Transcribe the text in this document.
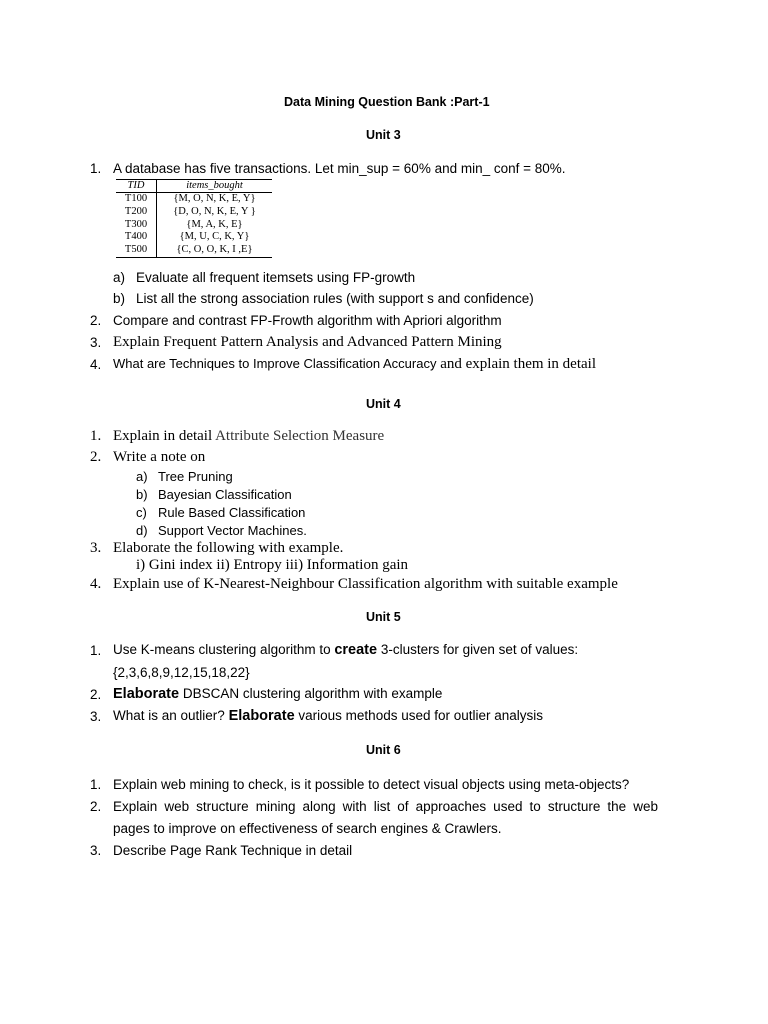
Data Mining Question Bank :Part-1
Unit 3
1. A database has five transactions. Let min_sup = 60% and min_ conf = 80%.
TID	items_bought
T100	{M, O, N, K, E, Y}
T200	{D, O, N, K, E, Y }
T300	{M, A, K, E}
T400	{M, U, C, K, Y}
T500	{C, O, O, K, I ,E}
a) Evaluate all frequent itemsets using FP-growth
b) List all the strong association rules (with support s and confidence)
2. Compare and contrast FP-Frowth algorithm with Apriori algorithm
3. Explain Frequent Pattern Analysis and Advanced Pattern Mining
4. What are Techniques to Improve Classification Accuracy and explain them in detail
Unit 4
1. Explain in detail Attribute Selection Measure
2. Write a note on
a) Tree Pruning
b) Bayesian Classification
c) Rule Based Classification
d) Support Vector Machines.
3. Elaborate the following with example.
i) Gini index ii) Entropy iii) Information gain
4. Explain use of K-Nearest-Neighbour Classification algorithm with suitable example
Unit 5
1. Use K-means clustering algorithm to create 3-clusters for given set of values:
{2,3,6,8,9,12,15,18,22}
2. Elaborate DBSCAN clustering algorithm with example
3. What is an outlier? Elaborate various methods used for outlier analysis
Unit 6
1. Explain web mining to check, is it possible to detect visual objects using meta-objects?
2. Explain web structure mining along with list of approaches used to structure the web
pages to improve on effectiveness of search engines & Crawlers.
3. Describe Page Rank Technique in detail
